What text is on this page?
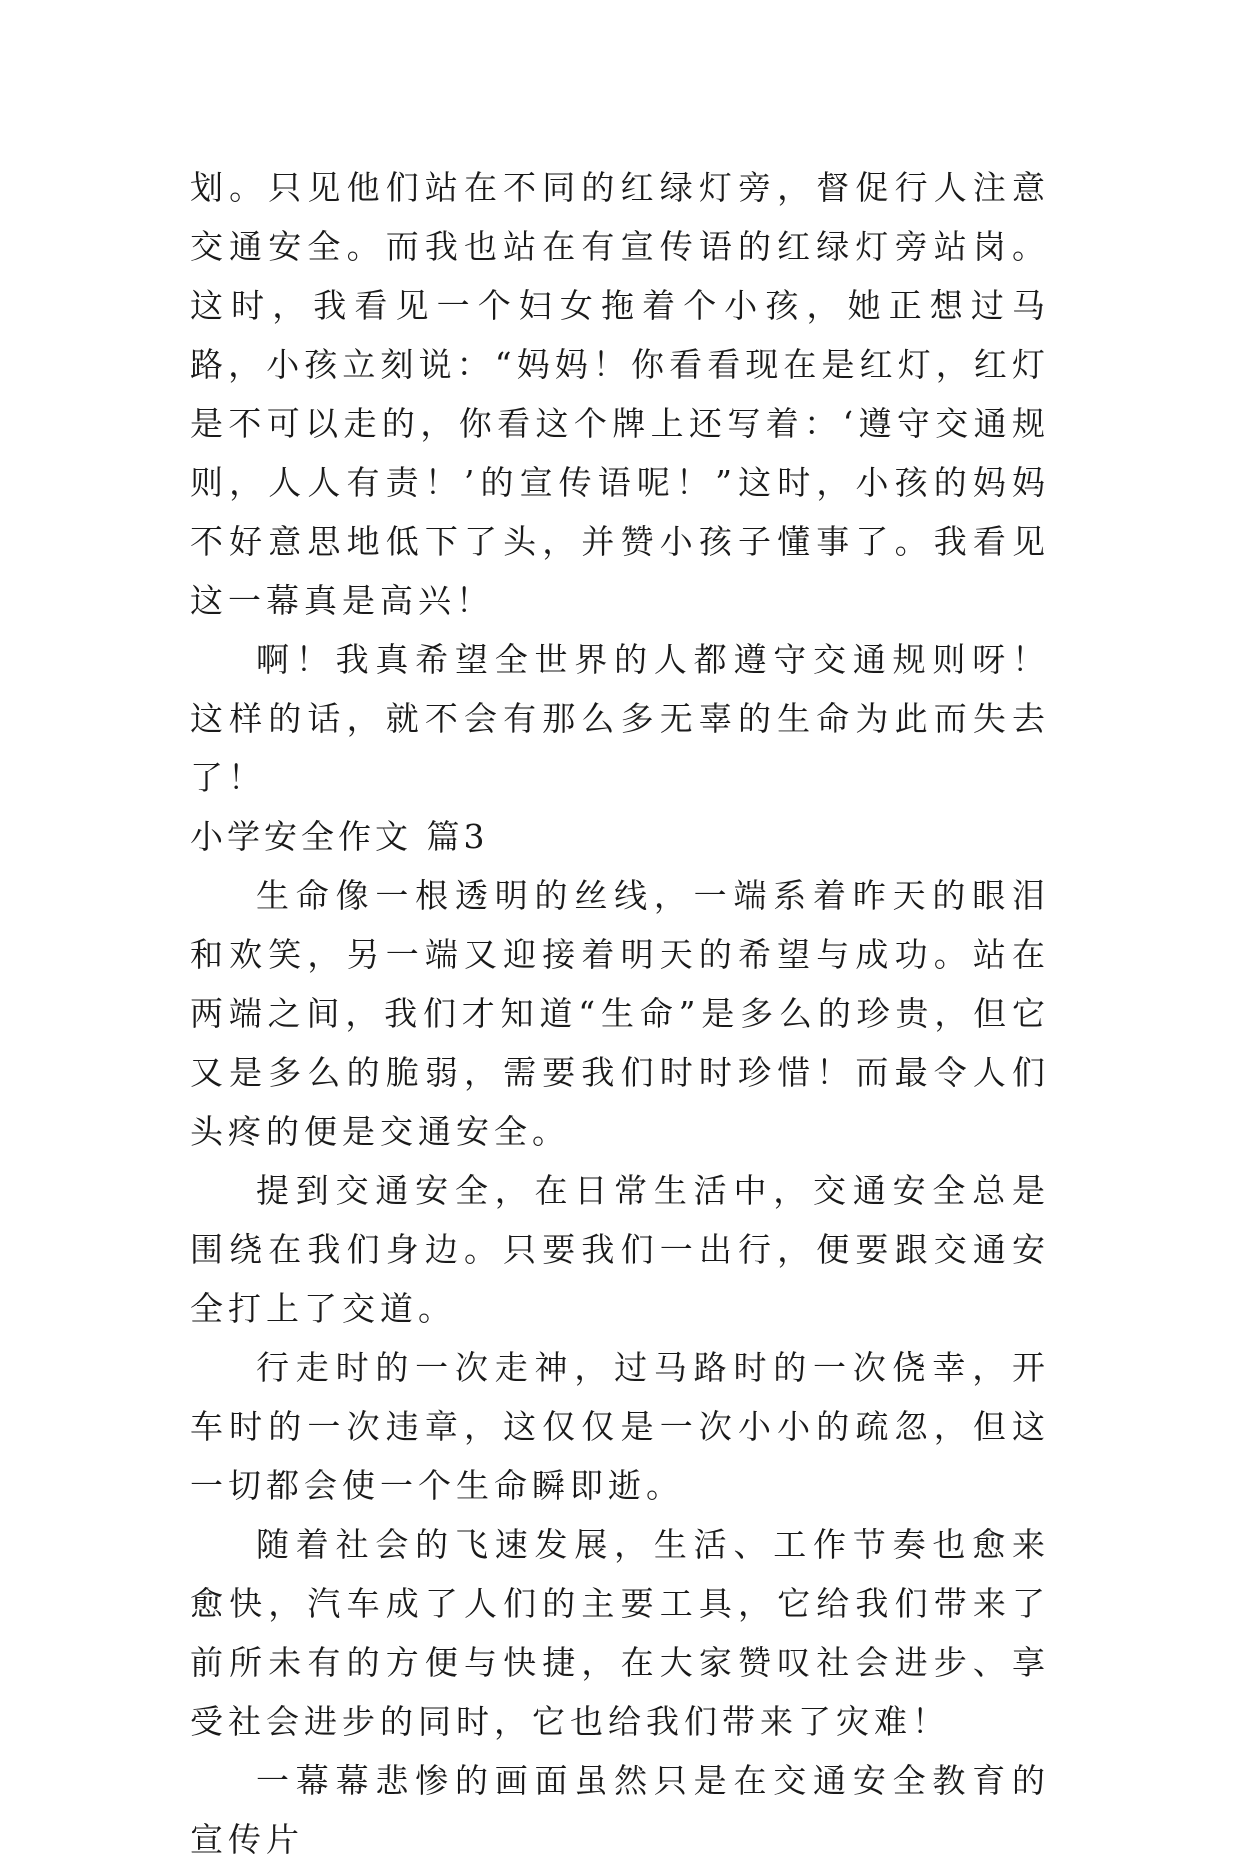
划。只见他们站在不同的红绿灯旁，督促行人注意交通安全。而我也站在有宣传语的红绿灯旁站岗。这时，我看见一个妇女拖着个小孩，她正想过马路，小孩立刻说：“妈妈！你看看现在是红灯，红灯是不可以走的，你看这个牌上还写着：‘遵守交通规则，人人有责！’的宣传语呢！”这时，小孩的妈妈不好意思地低下了头，并赞小孩子懂事了。我看见这一幕真是高兴！

啊！我真希望全世界的人都遵守交通规则呀！这样的话，就不会有那么多无辜的生命为此而失去了！

小学安全作文 篇3

生命像一根透明的丝线，一端系着昨天的眼泪和欢笑，另一端又迎接着明天的希望与成功。站在两端之间，我们才知道“生命”是多么的珍贵，但它又是多么的脆弱，需要我们时时珍惜！而最令人们头疼的便是交通安全。

提到交通安全，在日常生活中，交通安全总是围绕在我们身边。只要我们一出行，便要跟交通安全打上了交道。

行走时的一次走神，过马路时的一次侥幸，开车时的一次违章，这仅仅是一次小小的疏忽，但这一切都会使一个生命瞬即逝。

随着社会的飞速发展，生活、工作节奏也愈来愈快，汽车成了人们的主要工具，它给我们带来了前所未有的方便与快捷，在大家赞叹社会进步、享受社会进步的同时，它也给我们带来了灾难！

一幕幕悲惨的画面虽然只是在交通安全教育的宣传片
